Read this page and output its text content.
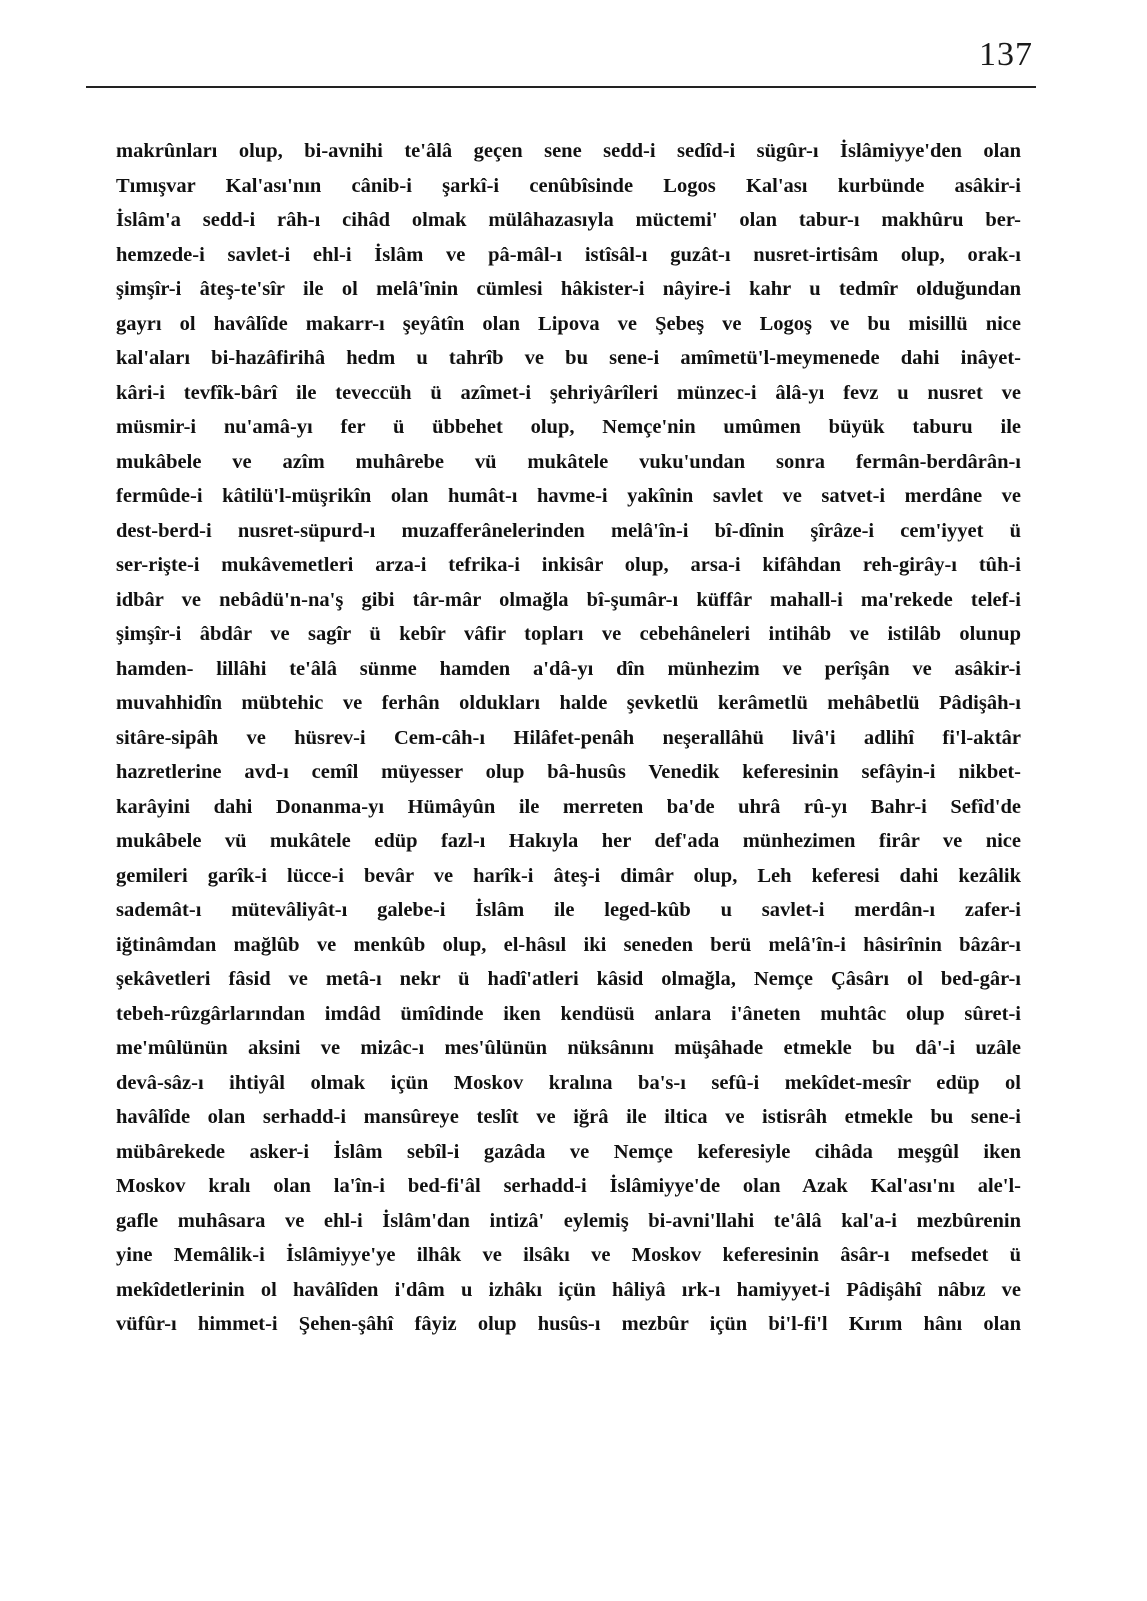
137
makrûnları olup, bi-avnihi te'âlâ geçen sene sedd-i sedîd-i sügûr-ı İslâmiyye'den olan
Tımışvar Kal'ası'nın cânib-i şarkî-i cenûbîsinde Logos Kal'ası kurbünde asâkir-i
İslâm'a sedd-i râh-ı cihâd olmak mülâhazasıyla müctemi' olan tabur-ı makhûru ber-
hemzede-i savlet-i ehl-i İslâm ve pâ-mâl-ı istîsâl-ı guzât-ı nusret-irtisâm olup, orak-ı
şimşîr-i âteş-te'sîr ile ol melâ'înin cümlesi hâkister-i nâyire-i kahr u tedmîr olduğundan
gayrı ol havâlîde makarr-ı şeyâtîn olan Lipova ve Şebeş ve Logoş ve bu misillü nice
kal'aları bi-hazâfirihâ hedm u tahrîb ve bu sene-i amîmetü'l-meymenede dahi inâyet-
kâri-i tevfîk-bârî ile teveccüh ü azîmet-i şehriyârîleri münzec-i âlâ-yı fevz u nusret ve
müsmir-i nu'amâ-yı fer ü übbehet olup, Nemçe'nin umûmen büyük taburu ile
mukâbele ve azîm muhârebe vü mukâtele vuku'undan sonra fermân-berdârân-ı
fermûde-i kâtilü'l-müşrikîn olan humât-ı havme-i yakînin savlet ve satvet-i merdâne ve
dest-berd-i nusret-süpurd-ı muzafferânelerinden melâ'în-i bî-dînin şîrâze-i cem'iyyet ü
ser-rişte-i mukâvemetleri arza-i tefrika-i inkisâr olup, arsa-i kifâhdan reh-girây-ı tûh-i
idbâr ve nebâdü'n-na'ş gibi târ-mâr olmağla bî-şumâr-ı küffâr mahall-i ma'rekede telef-i
şimşîr-i âbdâr ve sagîr ü kebîr vâfir topları ve cebehâneleri intihâb ve istilâb olunup
hamden- lillâhi te'âlâ sünme hamden a'dâ-yı dîn münhezim ve perîşân ve asâkir-i
muvahhidîn mübtehic ve ferhân oldukları halde şevketlü kerâmetlü mehâbetlü Pâdişâh-ı
sitâre-sipâh ve hüsrev-i Cem-câh-ı Hilâfet-penâh neşerallâhü livâ'i adlihî fi'l-aktâr
hazretlerine avd-ı cemîl müyesser olup bâ-husûs Venedik keferesinin sefâyin-i nikbet-
karâyini dahi Donanma-yı Hümâyûn ile merreten ba'de uhrâ rû-yı Bahr-i Sefîd'de
mukâbele vü mukâtele edüp fazl-ı Hakıyla her def'ada münhezimen firâr ve nice
gemileri garîk-i lücce-i bevâr ve harîk-i âteş-i dimâr olup, Leh keferesi dahi kezâlik
sademât-ı mütevâliyât-ı galebe-i İslâm ile leged-kûb u savlet-i merdân-ı zafer-i
iğtinâmdan mağlûb ve menkûb olup, el-hâsıl iki seneden berü melâ'în-i hâsirînin bâzâr-ı
şekâvetleri fâsid ve metâ-ı nekr ü hadî'atleri kâsid olmağla, Nemçe Çâsârı ol bed-gâr-ı
tebeh-rûzgârlarından imdâd ümîdinde iken kendüsü anlara i'âneten muhtâc olup sûret-i
me'mûlünün aksini ve mizâc-ı mes'ûlünün nüksânını müşâhade etmekle bu dâ'-i uzâle
devâ-sâz-ı ihtiyâl olmak içün Moskov kralına ba's-ı sefû-i mekîdet-mesîr edüp ol
havâlîde olan serhadd-i mansûreye teslît ve iğrâ ile iltica ve istisrâh etmekle bu sene-i
mübârekede asker-i İslâm sebîl-i gazâda ve Nemçe keferesiyle cihâda meşgûl iken
Moskov kralı olan la'în-i bed-fi'âl serhadd-i İslâmiyye'de olan Azak Kal'ası'nı ale'l-
gafle muhâsara ve ehl-i İslâm'dan intizâ' eylemiş bi-avni'llahi te'âlâ kal'a-i mezbûrenin
yine Memâlik-i İslâmiyye'ye ilhâk ve ilsâkı ve Moskov keferesinin âsâr-ı mefsedet ü
mekîdetlerinin ol havâlîden i'dâm u izhâkı içün hâliyâ ırk-ı hamiyyet-i Pâdişâhî nâbız ve
vüfûr-ı himmet-i Şehen-şâhî fâyiz olup husûs-ı mezbûr içün bi'l-fi'l Kırım hânı olan
